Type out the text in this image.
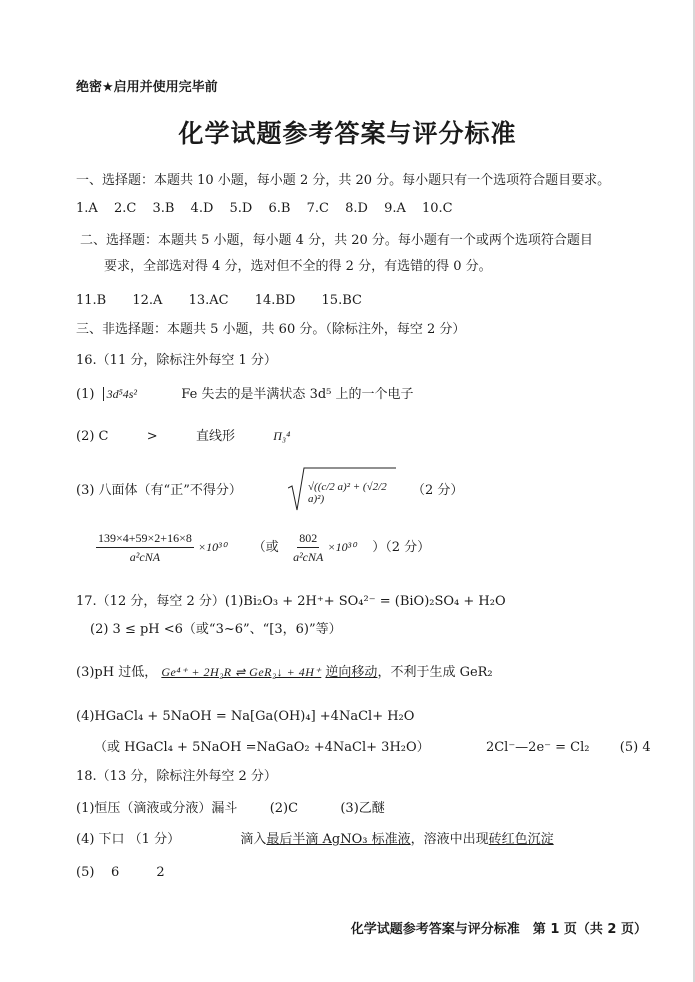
绝密★启用并使用完毕前
化学试题参考答案与评分标准
一、选择题：本题共 10 小题，每小题 2 分，共 20 分。每小题只有一个选项符合题目要求。
1.A 2.C 3.B 4.D 5.D 6.B 7.C 8.D 9.A 10.C
二、选择题：本题共 5 小题，每小题 4 分，共 20 分。每小题有一个或两个选项符合题目
要求，全部选对得 4 分，选对但不全的得 2 分，有选错的得 0 分。
11.B 12.A 13.AC 14.BD 15.BC
三、非选择题：本题共 5 小题，共 60 分。（除标注外，每空 2 分）
16.（11 分，除标注外每空 1 分）
(1) 3d⁵4s²	Fe 失去的是半满状态 3d⁵ 上的一个电子
(2) C	>	直线形	Π₃⁴
(3) 八面体（有“正”不得分）	√((c/2 a)² + (√2/2 a)²)
（2 分）
$\frac{139\times 4+59\times 2+16\times 8}{\text{a²cNA}} \times 10^{30}$ （或 $\frac{802}{\text{a²cNA}} \times 10^{30}$ ）（2 分）
17.（12 分，每空 2 分）(1)Bi₂O₃ + 2H⁺+ SO₄²⁻ = (BiO)₂SO₄ + H₂O
(2) 3 ≤ pH <6（或“3~6”、“[3，6)”等）
(3)pH 过低， Ge⁴⁺ + 2H₂R ⇌ GeR₂↓ + 4H⁺ 逆向移动，不利于生成 GeR₂
(4)HGaCl₄ + 5NaOH = Na[Ga(OH)₄] +4NaCl+ H₂O
（或 HGaCl₄ + 5NaOH =NaGaO₂ +4NaCl+ 3H₂O）	2Cl⁻—2e⁻ = Cl₂ (5) 4
18.（13 分，除标注外每空 2 分）
(1)恒压（滴液或分液）漏斗 (2)C	(3)乙醚
(4) 下口 （1 分）	滴入最后半滴 AgNO₃ 标准液，溶液中出现砖红色沉淀
(5)    6         2
化学试题参考答案与评分标准　第 1 页（共 2 页）
